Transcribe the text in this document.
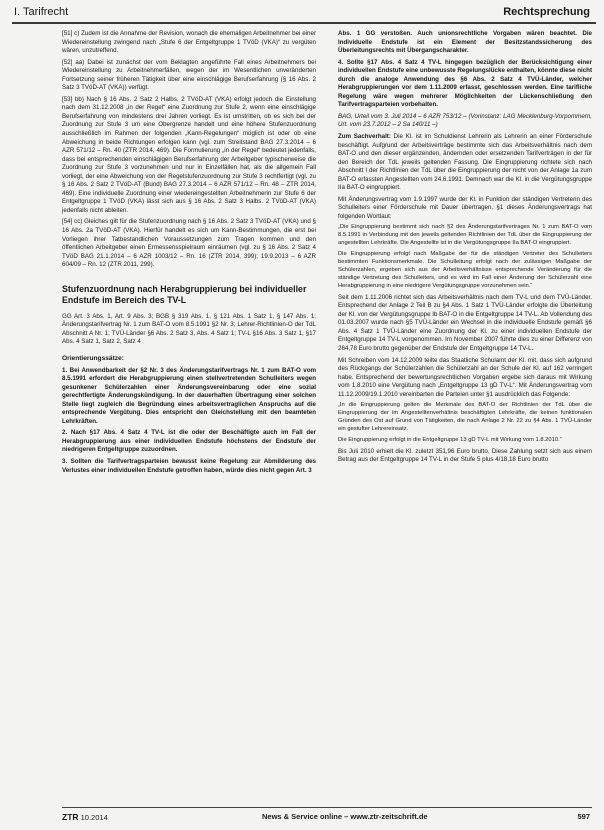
I. Tarifrecht	Rechtsprechung

[51] c) Zudem ist die Annahme der Revision, wonach die ehemaligen Arbeitnehmer bei einer Wiedereinstellung zwingend nach „Stufe 6 der Entgeltgruppe 1 TVöD (VKA)“ zu vergüten wären, unzutreffend.

[52] aa) Dabei ist zunächst der vom Beklagten angeführte Fall eines Arbeitnehmers bei Wiedereinstellung zu Arbeitnehmerfällen, wegen der im Wesentlichen unveränderten Fortsetzung seiner früheren Tätigkeit über eine einschlägige Berufserfahrung (§ 16 Abs. 2 Satz 3 TVöD-AT (VKA)) verfügt.

[53] bb) Nach § 16 Abs. 2 Satz 2 Halbs. 2 TVöD-AT (VKA) erfolgt jedoch die Einstellung nach dem 31.12.2008 „in der Regel“ eine Zuordnung zur Stufe 2, wenn eine einschlägige Berufserfahrung von mindestens drei Jahren vorliegt. Es ist umstritten, ob es sich bei der Zuordnung zur Stufe 3 um eine Obergrenze handelt und eine höhere Stufenzuordnung ausschließlich im Rahmen der folgenden „Kann-Regelungen“ möglich ist oder ob eine Abweichung in beide Richtungen erfolgen kann (vgl. zum Streitstand BAG 27.3.2014 – 6 AZR 571/12 – Rn. 40 (ZTR 2014, 469). Die Formulierung „in der Regel“ bedeutet jedenfalls, dass bei entsprechenden einschlägigen Berufserfahrung der Arbeitgeber typischerweise die Zuordnung zur Stufe 3 vorzunehmen und nur in Einzelfällen hat, als die allgemein Fall vorliegt, der eine Abweichung von der Regelstufenzuordnung zur Stufe 3 rechtfertigt (vgl. zu § 16 Abs. 2 Satz 2 TVöD-AT (Bund) BAG 27.3.2014 – 6 AZR 571/12 – Rn. 48 – ZTR 2014, 469). Eine individuelle Zuordnung einer wiedereingestellten Arbeitnehmerin zur Stufe 6 der Entgeltgruppe 1 TVöD (VKA) lässt sich aus § 16 Abs. 2 Satz 3 Halbs. 2 TVöD-AT (VKA) jedenfalls nicht ableiten.

[54] cc) Gleiches gilt für die Stufenzuordnung nach § 16 Abs. 2 Satz 3 TVöD-AT (VKA) und § 16 Abs. 2a TVöD-AT (VKA). Hierfür handelt es sich um Kann-Bestimmungen, die erst bei Vorliegen ihrer Tatbestandlichen Voraussetzungen zum Tragen kommen und den öffentlichen Arbeitgeber einen Ermessensspielraum einräumen (vgl. zu § 16 Abs. 2 Satz 4 TVöD BAG 21.1.2014 – 6 AZR 1003/12 – Rn. 16 (ZTR 2014, 399); 19.9.2013 – 6 AZR 604/09 – Rn. 12 (ZTR 2011, 299).

Stufenzuordnung nach Herabgruppierung bei individueller Endstufe im Bereich des TV-L

GG Art. 3 Abs. 1, Art. 9 Abs. 3; BGB § 319 Abs. 1, § 121 Abs. 1 Satz 1, § 147 Abs. 1; Änderungstarifvertrag Nr. 1 zum BAT-O vom 8.5.1991 §2 Nr. 3; Lehrer-Richtlinien-O der TdL Abschnitt A Nr. 1; TVÜ-Länder §6 Abs. 2 Satz 3, Abs. 4 Satz 1; TV-L §16 Abs. 3 Satz 1, §17 Abs. 4 Satz 1, Satz 2, Satz 4

Orientierungssätze:

1. Bei Anwendbarkeit der §2 Nr. 3 des Änderungstarifvertrags Nr. 1 zum BAT-O vom 8.5.1991 erfordert die Herabgruppierung einen stellvertretenden Schulleiters wegen gesunkener Schülerzahlen einer Änderungsvereinbarung oder eine sozial gerechtfertigte Änderungskündigung. In der dauerhaften Übertragung einer solchen Stelle liegt zugleich die Begründung eines arbeitsvertraglichen Anspruchs auf die entsprechende Vergütung. Dies entspricht den Gleichstellung mit den beamteten Lehrkräften.

2. Nach §17 Abs. 4 Satz 4 TV-L ist die oder der Beschäftigte auch im Fall der Herabgruppierung aus einer individuellen Endstufe höchstens der Endstufe der niedrigeren Entgeltgruppe zuzuordnen.

3. Sollten die Tarifvertragsparteien bewusst keine Regelung zur Abmilderung des Verlustes einer individuellen Endstufe getroffen haben, würde dies nicht gegen Art. 3

Abs. 1 GG verstoßen. Auch unionsrechtliche Vorgaben wären beachtet. Die Individuelle Endstufe ist ein Element der Besitzstandssicherung des Überleitungsrechts mit Übergangscharakter.

4. Sollte §17 Abs. 4 Satz 4 TV-L hingegen bezüglich der Berücksichtigung einer individuellen Endstufe eine unbewusste Regelungslücke enthalten, könnte diese nicht durch die analoge Anwendung des §6 Abs. 2 Satz 4 TVÜ-Länder, welcher Herabgruppierungen vor dem 1.11.2009 erfasst, geschlossen werden. Eine tarifliche Regelung wäre wegen mehrerer Möglichkeiten der Lückenschließung den Tarifvertragsparteien vorbehalten.

BAG, Urteil vom 3. Juli 2014 – 6 AZR 753/12 – (Vorinstanz: LAG Mecklenburg-Vorpommern, Urt. vom 23.7.2012 – 2 Sa 140/11 –)

Zum Sachverhalt: Die Kl. ist im Schuldienst Lehrerin als Lehrerin an einer Förderschule beschäftigt. Aufgrund der Arbeitsverträge bestimmte sich das Arbeitsverhältnis nach dem BAT-O und den dieser ergänzenden, ändernden oder ersetzenden Tarifverträgen in der für den Bereich der TdL jeweils geltenden Fassung. Die Eingruppierung richtete sich nach Abschnitt I der Richtlinien der TdL über die Eingruppierung der nicht von der Anlage 1a zum BAT-O erfassten Angestellten vom 24.6.1991. Demnach war die Kl. in die Vergütungsgruppe IIa BAT-O eingruppiert.

Mit Änderungsvertrag vom 1.9.1997 wurde der Kl. in Funktion der ständigen Vertreterin des Schulleiters einer Förderschule mit Dauer übertragen, §1 dieses Änderungsvertrags hat folgenden Wortlaut:

„Die Eingruppierung bestimmt sich nach §2 des Änderungstarifvertrages Nr. 1 zum BAT-O vom 8.5.1991 in Verbindung mit den jeweils geltenden Richtlinien der TdL über die Eingruppierung der angestellten Lehrkräfte. Die Angestellte ist in die Vergütungsgruppe IIa BAT-O eingruppiert.

Die Eingruppierung erfolgt nach Maßgabe der für die ständigen Vertreter des Schulleiters bestimmten Funktionsmerkmale. Die Schulleitung erfolgt nach der zulässigen Maßgabe der Schülerzahlen, ergeben sich aus der Arbeitsverhältnisse entsprechende Veränderung für die ständige Vertretung des Schulleiters, und es wird im Fall einer Änderung der Schülerzahl eine Herabgruppierung in eine niedrigere Vergütungsgruppe vorzunehmen sein.“

Seit dem 1.11.2006 richtet sich das Arbeitsverhältnis nach dem TV-L und dem TVÜ-Länder. Entsprechend der Anlage 2 Teil B zu §4 Abs. 1 Satz 1 TVÜ-Länder erfolgte die Überleitung der Kl. von der Vergütungsgruppe Ib BAT-O in die Entgeltgruppe 14 TV-L. Ab Vollendung des 01.03.2007 wurde nach §5 TVÜ-Länder ein Wechsel in die individuelle Endstufe gemäß §6 Abs. 4 Satz 1 TVÜ-Länder eine Zuordnung der Kl. zu einer individuellen Endstufe der Entgeltgruppe 14 TV-L vorgenommen. Im November 2007 führte dies zu einer Differenz von 264,78 Euro brutto gegenüber der Endstufe der Entgeltgruppe 14 TV-L.

Mit Schreiben vom 14.12.2009 teilte das Staatliche Schulamt der Kl. mit, dass sich aufgrund des Rückgangs der Schülerzahlen die Schülerzahl an der Schule der Kl. auf 162 verringert habe. Entsprechend der bewertungsrechtlichen Vorgaben ergebe sich daraus mit Wirkung vom 1.8.2010 eine Vergütung nach „Entgeltgruppe 13 gD TV-L“. Mit Änderungsvertrag vom 11.12.2009/19.1.2010 vereinbarten die Parteien unter §1 ausdrücklich das Folgende:

„In die Eingruppierung gelten die Merkmale des BAT-O der Richtlinien der TdL über die Eingruppierung der im Angestelltenverhältnis beschäftigten Lehrkräfte, die keinen funktionalen Gründen des Ost auf Grund von Tätigkeiten, die nach Anlage 2 Nr. 22 zu §4 Abs. 1 TVÜ-Länder ein gestufter Lehrereinsatz.

Die Eingruppierung erfolgt in die Entgeltgruppe 13 gD TV-L mit Wirkung vom 1.8.2010.“

Bis Juli 2010 erhielt die Kl. zuletzt 351,96 Euro brutto. Diese Zahlung setzt sich aus einem Betrag aus der Entgeltgruppe 14 TV-L in der Stufe 5 plus 4/18,18 Euro brutto

ZTR 10.2014	News & Service online – www.ztr-zeitschrift.de	597
